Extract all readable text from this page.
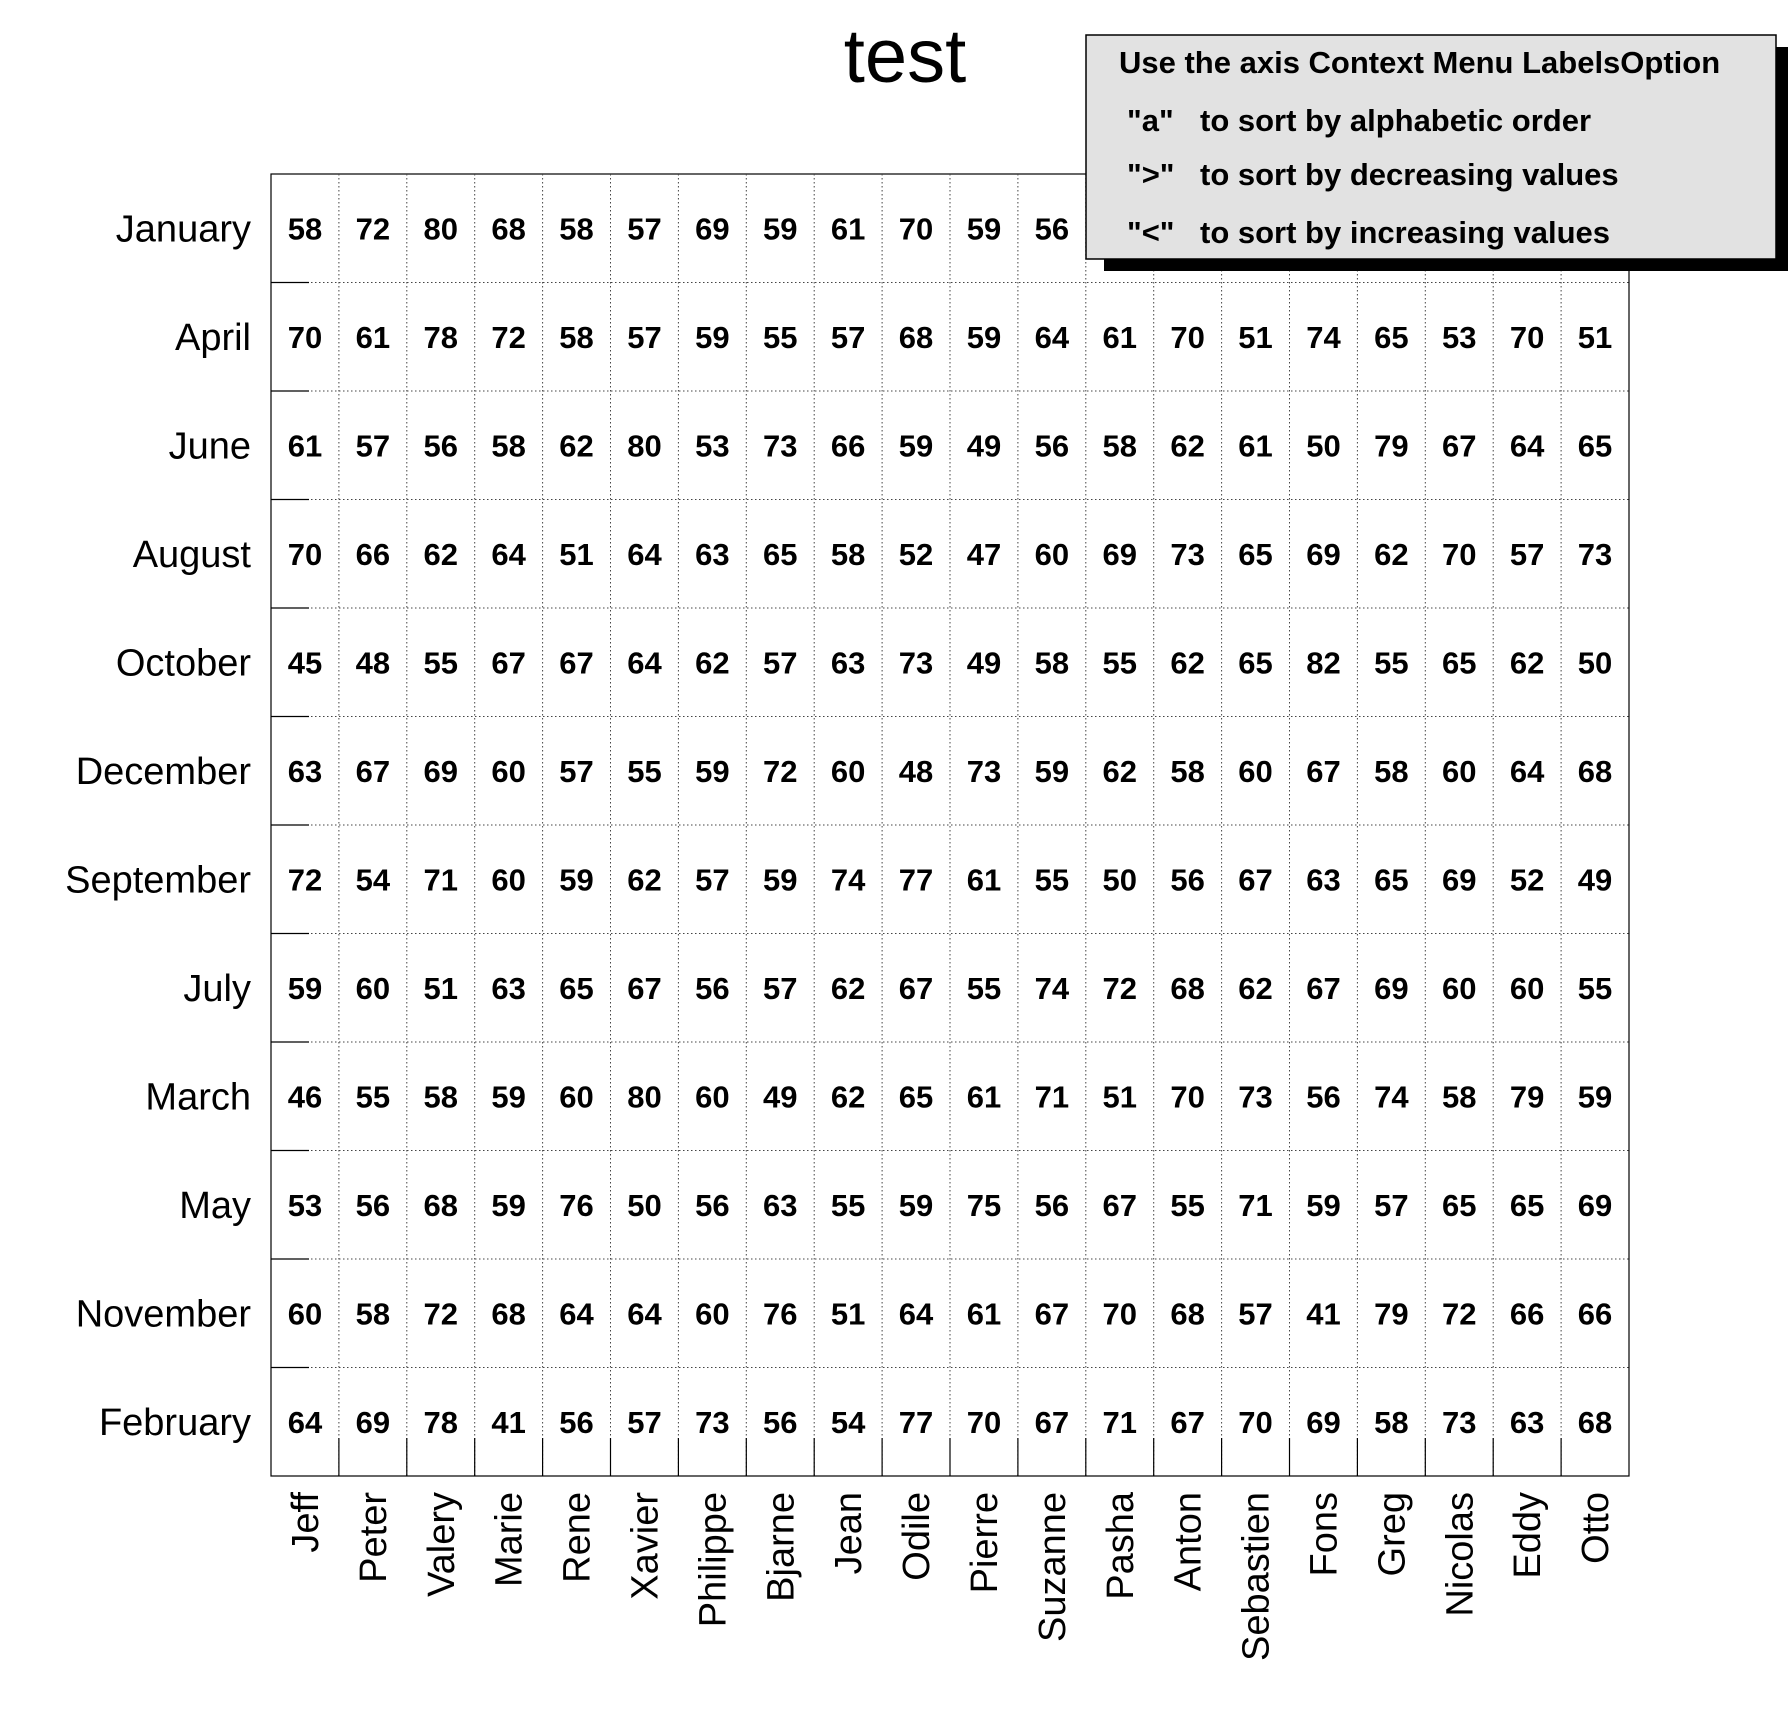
test
58 72 80 68 58 57 69 59 61 70 59 56
70 61 78 72 58 57 59 55 57 68 59 64 61 70 51 74 65 53 70 51
61 57 56 58 62 80 53 73 66 59 49 56 58 62 61 50 79 67 64 65
70 66 62 64 51 64 63 65 58 52 47 60 69 73 65 69 62 70 57 73
45 48 55 67 67 64 62 57 63 73 49 58 55 62 65 82 55 65 62 50
63 67 69 60 57 55 59 72 60 48 73 59 62 58 60 67 58 60 64 68
72 54 71 60 59 62 57 59 74 77 61 55 50 56 67 63 65 69 52 49
59 60 51 63 65 67 56 57 62 67 55 74 72 68 62 67 69 60 60 55
46 55 58 59 60 80 60 49 62 65 61 71 51 70 73 56 74 58 79 59
53 56 68 59 76 50 56 63 55 59 75 56 67 55 71 59 57 65 65 69
60 58 72 68 64 64 60 76 51 64 61 67 70 68 57 41 79 72 66 66
64 69 78 41 56 57 73 56 54 77 70 67 71 67 70 69 58 73 63 68
January
April
June
August
October
December
September
July
March
May
November
February
Jeff Peter Valery Marie Rene Xavier Philippe Bjarne Jean Odile Pierre Suzanne Pasha Anton Sebastien Fons Greg Nicolas Eddy Otto
Use the axis Context Menu LabelsOption
"a" to sort by alphabetic order
">" to sort by decreasing values
"<" to sort by increasing values
